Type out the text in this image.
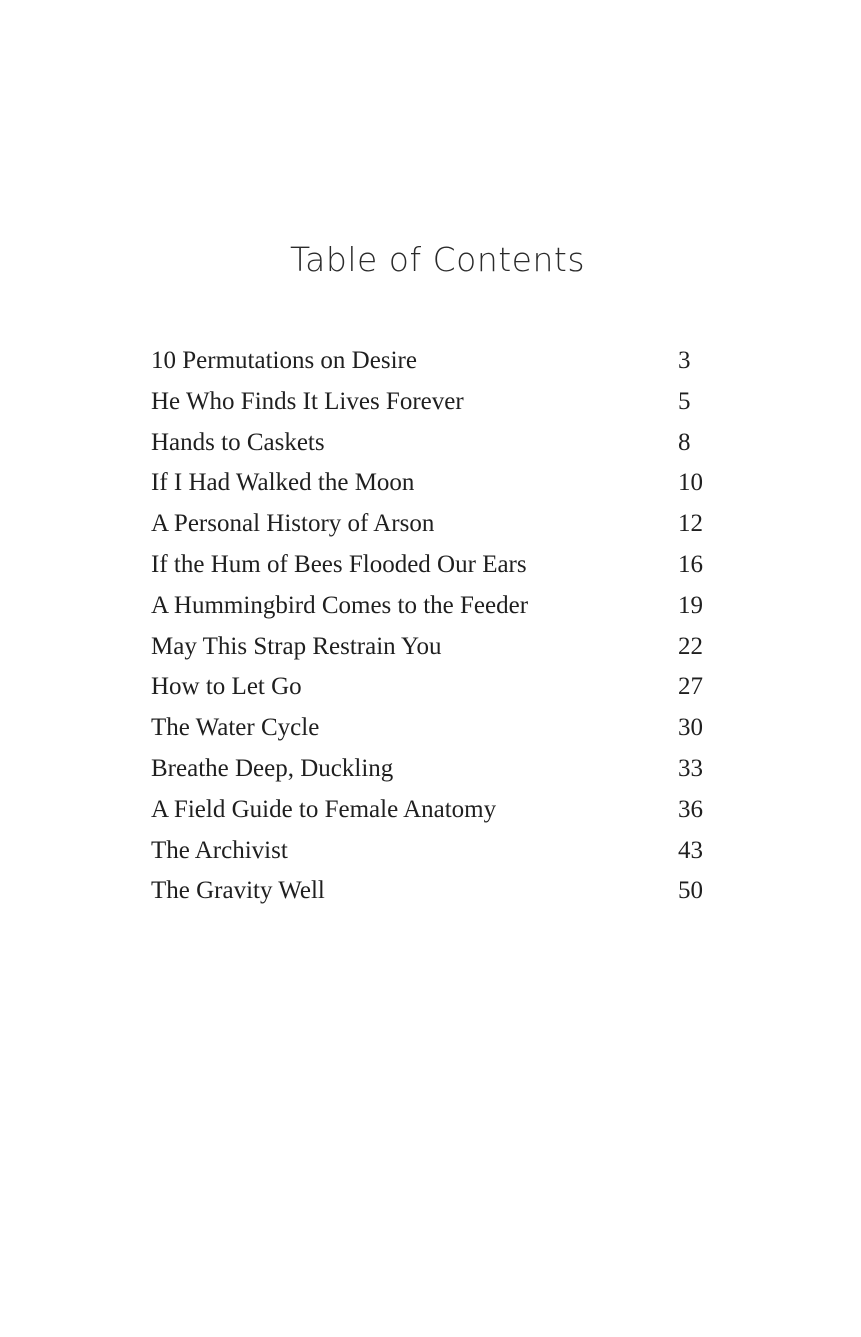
Table of Contents
10 Permutations on Desire	3
He Who Finds It Lives Forever	5
Hands to Caskets	8
If I Had Walked the Moon	10
A Personal History of Arson	12
If the Hum of Bees Flooded Our Ears	16
A Hummingbird Comes to the Feeder	19
May This Strap Restrain You	22
How to Let Go	27
The Water Cycle	30
Breathe Deep, Duckling	33
A Field Guide to Female Anatomy	36
The Archivist	43
The Gravity Well	50
